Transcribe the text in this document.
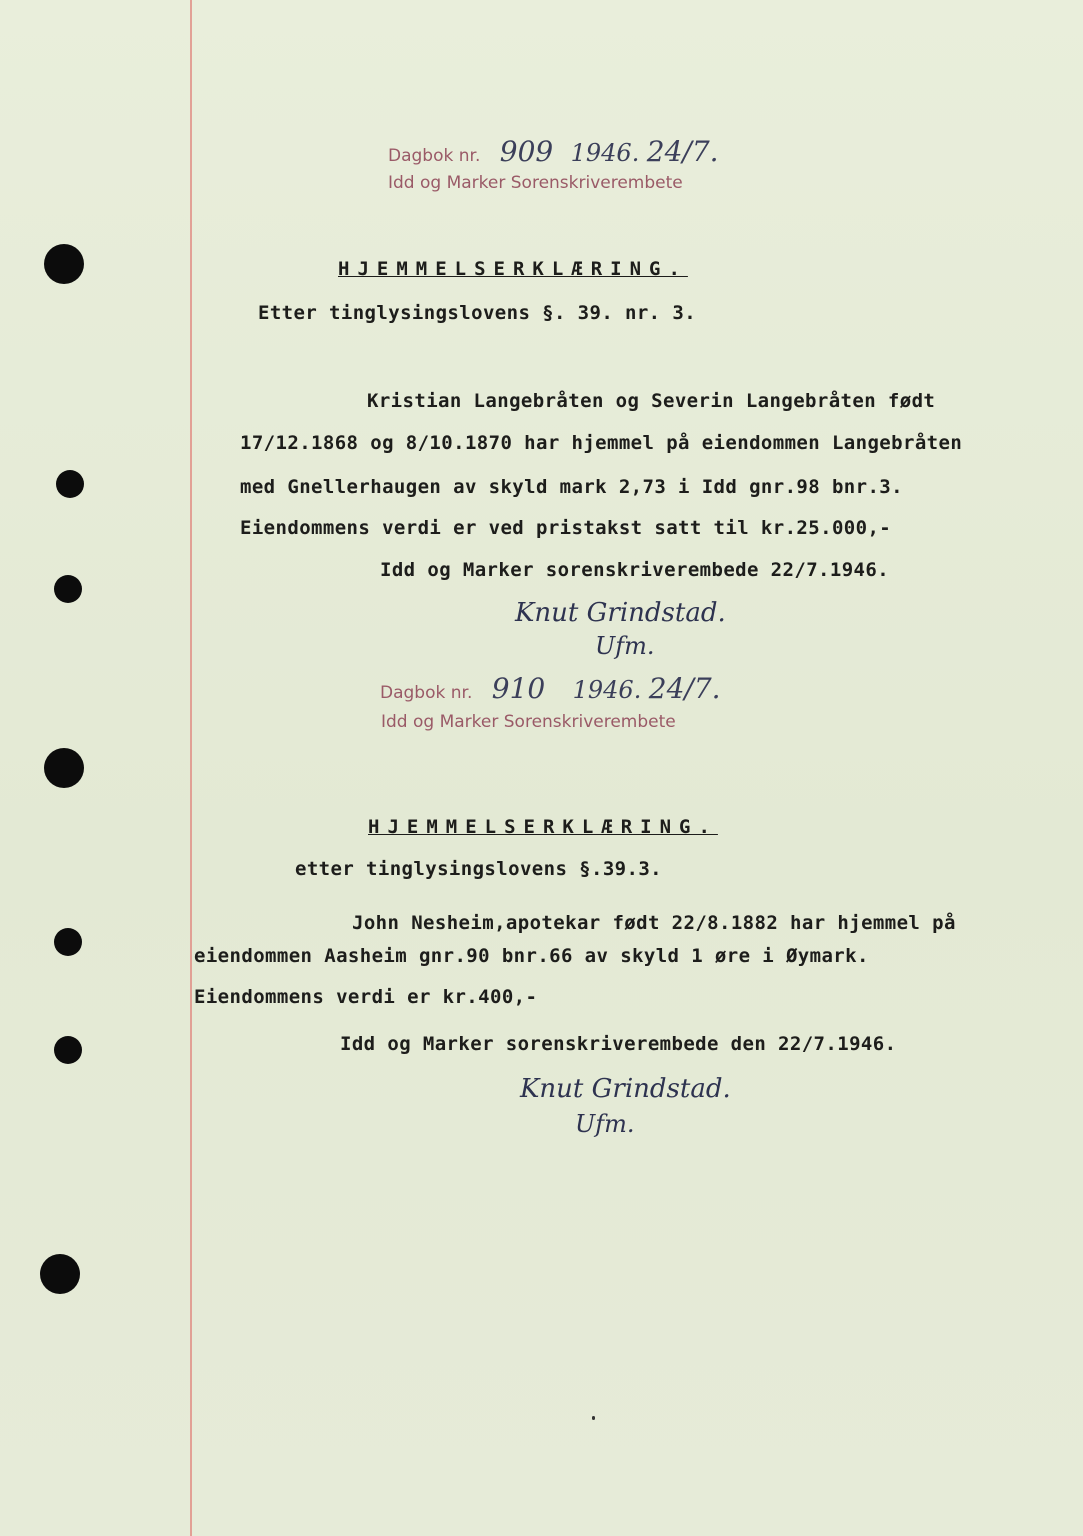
Dagbok nr. 909 1946. 24/7.
Idd og Marker Sorenskriverembete
HJEMMELSERKLÆRING.
Etter tinglysingslovens §. 39. nr. 3.
Kristian Langebråten og Severin Langebråten født
17/12.1868 og 8/10.1870 har hjemmel på eiendommen Langebråten
med Gnellerhaugen av skyld mark 2,73 i Idd gnr.98 bnr.3.
Eiendommens verdi er ved pristakst satt til kr.25.000,-
Idd og Marker sorenskriverembede 22/7.1946.
Knut Grindstad.
Ufm.
Dagbok nr. 910 1946. 24/7.
Idd og Marker Sorenskriverembete
HJEMMELSERKLÆRING.
etter tinglysingslovens §.39.3.
John Nesheim,apotekar født 22/8.1882 har hjemmel på
eiendommen Aasheim gnr.90 bnr.66 av skyld 1 øre i Øymark.
Eiendommens verdi er kr.400,-
Idd og Marker sorenskriverembede den 22/7.1946.
Knut Grindstad.
Ufm.
